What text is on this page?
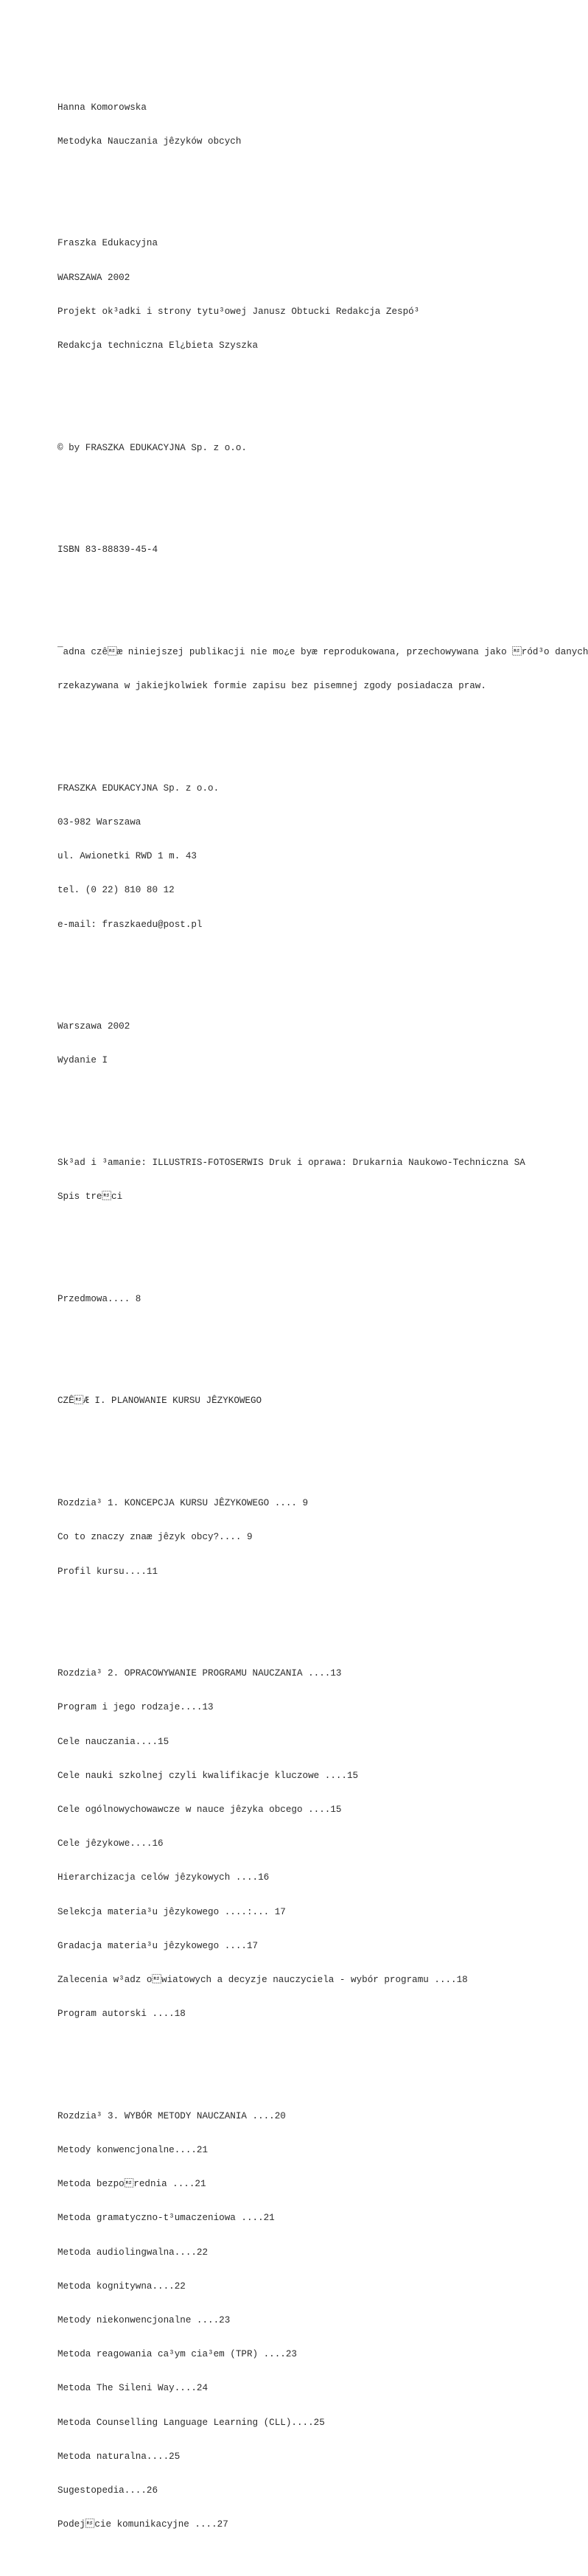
Hanna Komorowska

Metodyka Nauczania jêzyków obcych

Fraszka Edukacyjna

WARSZAWA 2002

Projekt ok³adki i strony tytu³owej Janusz Obtucki Redakcja Zespó³

Redakcja techniczna El¿bieta Szyszka

© by FRASZKA EDUKACYJNA Sp. z o.o.

ISBN 83-88839-45-4

¯adna czêæ niniejszej publikacji nie mo¿e byæ reprodukowana, przechowywana jako ród³o danych

rzekazywana w jakiejkolwiek formie zapisu bez pisemnej zgody posiadacza praw.

FRASZKA EDUKACYJNA Sp. z o.o.

03-982 Warszawa

ul. Awionetki RWD 1 m. 43

tel. (0 22) 810 80 12

e-mail: fraszkaedu@post.pl

Warszawa 2002

Wydanie I

Sk³ad i ³amanie: ILLUSTRIS-FOTOSERWIS Druk i oprawa: Drukarnia Naukowo-Techniczna SA

Spis treci

Przedmowa.... 8

CZÊÆ I. PLANOWANIE KURSU JÊZYKOWEGO

Rozdzia³ 1. KONCEPCJA KURSU JÊZYKOWEGO .... 9

Co to znaczy znaæ jêzyk obcy?.... 9

Profil kursu....11

Rozdzia³ 2. OPRACOWYWANIE PROGRAMU NAUCZANIA ....13

Program i jego rodzaje....13

Cele nauczania....15

Cele nauki szkolnej czyli kwalifikacje kluczowe ....15

Cele ogólnowychowawcze w nauce jêzyka obcego ....15

Cele jêzykowe....16

Hierarchizacja celów jêzykowych ....16

Selekcja materia³u jêzykowego ....:... 17

Gradacja materia³u jêzykowego ....17

Zalecenia w³adz owiatowych a decyzje nauczyciela - wybór programu ....18

Program autorski ....18

Rozdzia³ 3. WYBÓR METODY NAUCZANIA ....20

Metody konwencjonalne....21

Metoda bezporednia ....21

Metoda gramatyczno-t³umaczeniowa ....21

Metoda audiolingwalna....22

Metoda kognitywna....22

Metody niekonwencjonalne ....23

Metoda reagowania ca³ym cia³em (TPR) ....23

Metoda The Sileni Way....24

Metoda Counselling Language Learning (CLL)....25

Metoda naturalna....25

Sugestopedia....26

Podejcie komunikacyjne ....27
